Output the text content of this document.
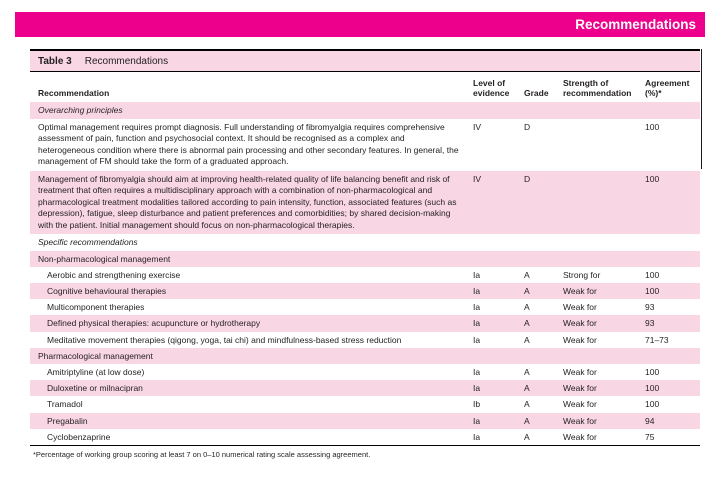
Recommendations
Table 3 Recommendations
Recommendation	Level of evidence	Grade	Strength of recommendation	Agreement (%)*
Overarching principles				
Optimal management requires prompt diagnosis. Full understanding of fibromyalgia requires comprehensive assessment of pain, function and psychosocial context. It should be recognised as a complex and heterogeneous condition where there is abnormal pain processing and other secondary features. In general, the management of FM should take the form of a graduated approach.	IV	D		100
Management of fibromyalgia should aim at improving health-related quality of life balancing benefit and risk of treatment that often requires a multidisciplinary approach with a combination of non-pharmacological and pharmacological treatment modalities tailored according to pain intensity, function, associated features (such as depression), fatigue, sleep disturbance and patient preferences and comorbidities; by shared decision-making with the patient. Initial management should focus on non-pharmacological therapies.	IV	D		100
Specific recommendations				
Non-pharmacological management				
Aerobic and strengthening exercise	Ia	A	Strong for	100
Cognitive behavioural therapies	Ia	A	Weak for	100
Multicomponent therapies	Ia	A	Weak for	93
Defined physical therapies: acupuncture or hydrotherapy	Ia	A	Weak for	93
Meditative movement therapies (qigong, yoga, tai chi) and mindfulness-based stress reduction	Ia	A	Weak for	71–73
Pharmacological management				
Amitriptyline (at low dose)	Ia	A	Weak for	100
Duloxetine or milnacipran	Ia	A	Weak for	100
Tramadol	Ib	A	Weak for	100
Pregabalin	Ia	A	Weak for	94
Cyclobenzaprine	Ia	A	Weak for	75
*Percentage of working group scoring at least 7 on 0–10 numerical rating scale assessing agreement.
